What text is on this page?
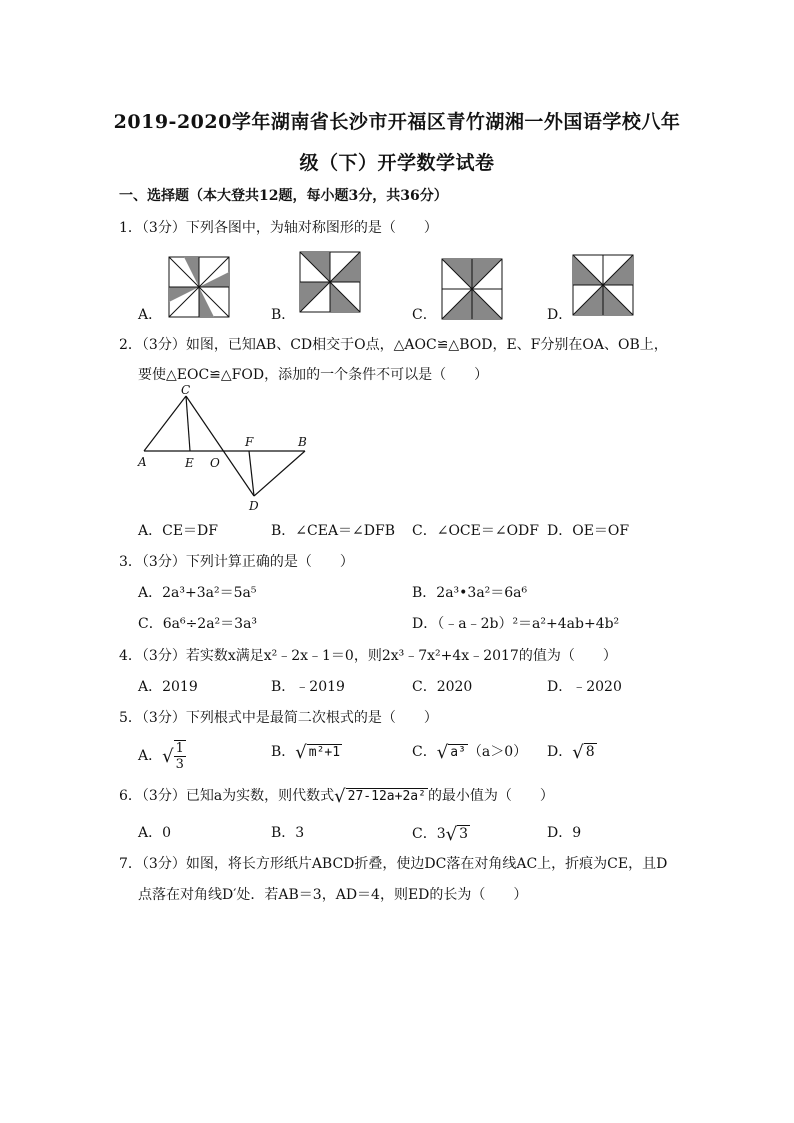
2019-2020学年湖南省长沙市开福区青竹湖湘一外国语学校八年
级（下）开学数学试卷
一、选择题（本大登共12题，每小题3分，共36分）
1．（3分）下列各图中，为轴对称图形的是（　　）
A．	B．	C．	D．
2．（3分）如图，已知AB、CD相交于O点，△AOC≌△BOD，E、F分别在OA、OB上，
要使△EOC≌△FOD，添加的一个条件不可以是（　　）
C
A	E O
F	B
D
A．CE＝DF	B．∠CEA＝∠DFB C．∠OCE＝∠ODF D．OE＝OF
3．（3分）下列计算正确的是（　　）
A．2a³+3a²＝5a⁵	B．2a³•3a²＝6a⁶
C．6a⁶÷2a²＝3a³	D．（﹣a﹣2b）²＝a²+4ab+4b²
4．（3分）若实数x满足x²﹣2x﹣1＝0，则2x³﹣7x²+4x﹣2017的值为（　　）
A．2019	B．﹣2019	C．2020	D．﹣2020
5．（3分）下列根式中是最简二次根式的是（　　）
A．√ $\frac{1}{3}$	B．√ m²+1	C．√ a³ （a＞0） D．√ 8
6．（3分）已知a为实数，则代数式√ 27-12a+2a² 的最小值为（　　）
A．0	B．3	C．3√ 3	D．9
7．（3分）如图，将长方形纸片ABCD折叠，使边DC落在对角线AC上，折痕为CE，且D
点落在对角线D′处．若AB＝3，AD＝4，则ED的长为（　　）
